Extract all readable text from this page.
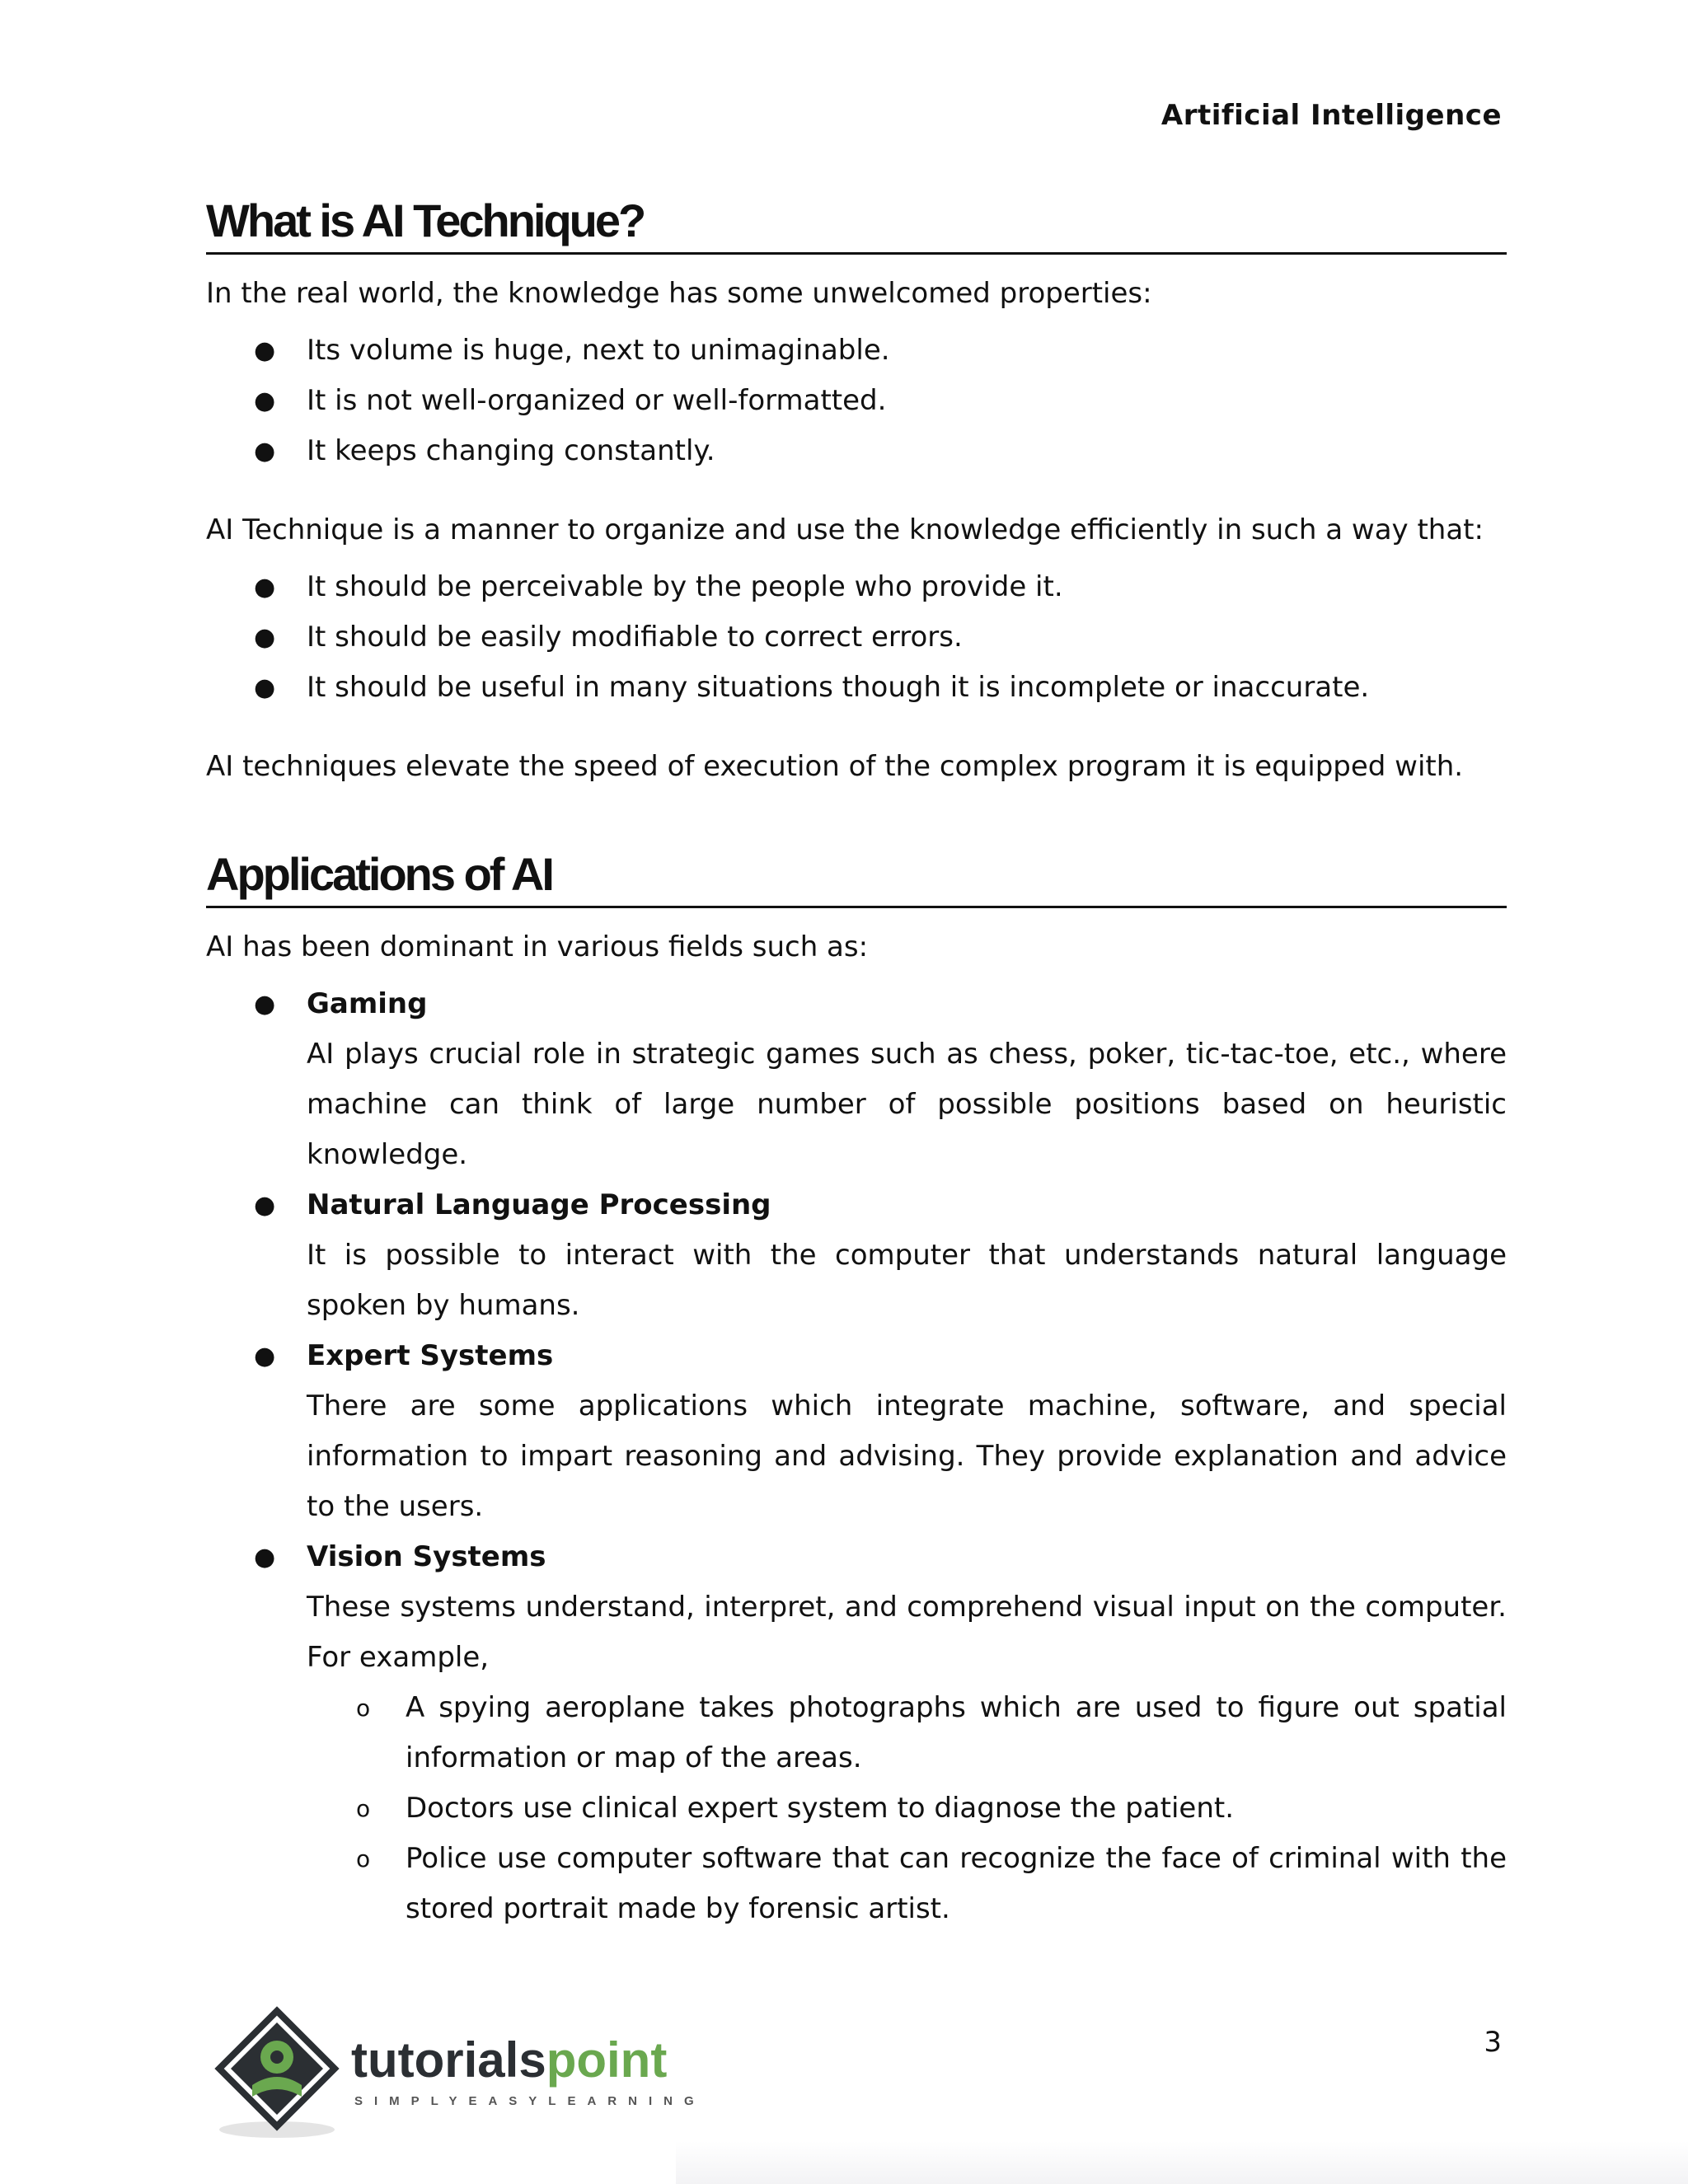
Artificial Intelligence
What is AI Technique?

In the real world, the knowledge has some unwelcomed properties:

● Its volume is huge, next to unimaginable.
● It is not well-organized or well-formatted.
● It keeps changing constantly.

AI Technique is a manner to organize and use the knowledge efficiently in such a way that:

● It should be perceivable by the people who provide it.
● It should be easily modifiable to correct errors.
● It should be useful in many situations though it is incomplete or inaccurate.

AI techniques elevate the speed of execution of the complex program it is equipped with.

Applications of AI

AI has been dominant in various fields such as:

● Gaming
AI plays crucial role in strategic games such as chess, poker, tic-tac-toe, etc., where machine can think of large number of possible positions based on heuristic knowledge.
● Natural Language Processing
It is possible to interact with the computer that understands natural language spoken by humans.
● Expert Systems
There are some applications which integrate machine, software, and special information to impart reasoning and advising. They provide explanation and advice to the users.
● Vision Systems
These systems understand, interpret, and comprehend visual input on the computer. For example,
o A spying aeroplane takes photographs which are used to figure out spatial information or map of the areas.
o Doctors use clinical expert system to diagnose the patient.
o Police use computer software that can recognize the face of criminal with the stored portrait made by forensic artist.
tutorialspoint
SIMPLYEASYLEARNING
3
